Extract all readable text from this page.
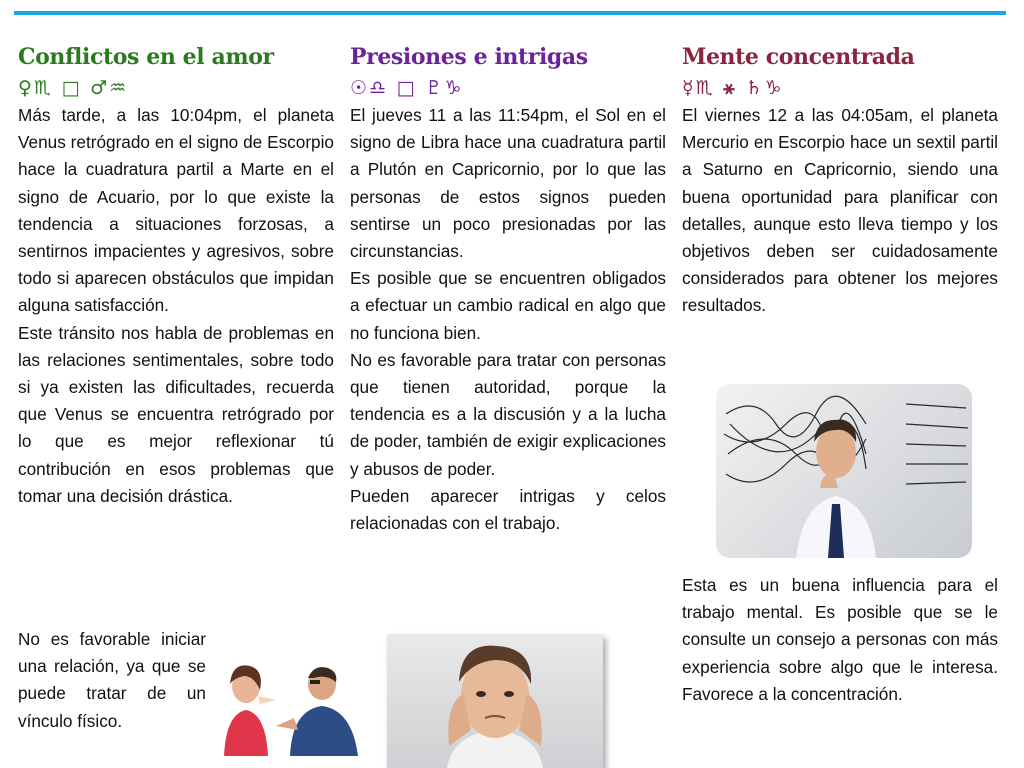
Conflictos en el amor
♀♏ □ ♂♒

Más tarde, a las 10:04pm, el planeta Venus retrógrado en el signo de Escorpio hace la cuadratura partil a Marte en el signo de Acuario, por lo que existe la tendencia a situaciones forzosas, a sentirnos impacientes y agresivos, sobre todo si aparecen obstáculos que impidan alguna satisfacción.

Este tránsito nos habla de problemas en las relaciones sentimentales, sobre todo si ya existen las dificultades, recuerda que Venus se encuentra retrógrado por lo que es mejor reflexionar tú contribución en esos problemas que tomar una decisión drástica.

No es favorable iniciar una relación, ya que se puede tratar de un vínculo físico.

Presiones e intrigas
☉♎ □ ♇♑

El jueves 11 a las 11:54pm, el Sol en el signo de Libra hace una cuadratura partil a Plutón en Capricornio, por lo que las personas de estos signos pueden sentirse un poco presionadas por las circunstancias.

Es posible que se encuentren obligados a efectuar un cambio radical en algo que no funciona bien.

No es favorable para tratar con personas que tienen autoridad, porque la tendencia es a la discusión y a la lucha de poder, también de exigir explicaciones y abusos de poder.

Pueden aparecer intrigas y celos relacionadas con el trabajo.

Mente concentrada
☿♏ ⚹ ♄♑

El viernes 12 a las 04:05am, el planeta Mercurio en Escorpio hace un sextil partil a Saturno en Capricornio, siendo una buena oportunidad para planificar con detalles, aunque esto lleva tiempo y los objetivos deben ser cuidadosamente considerados para obtener los mejores resultados.

Esta es un buena influencia para el trabajo mental. Es posible que se le consulte un consejo a personas con más experiencia sobre algo que le interesa. Favorece a la concentración.
